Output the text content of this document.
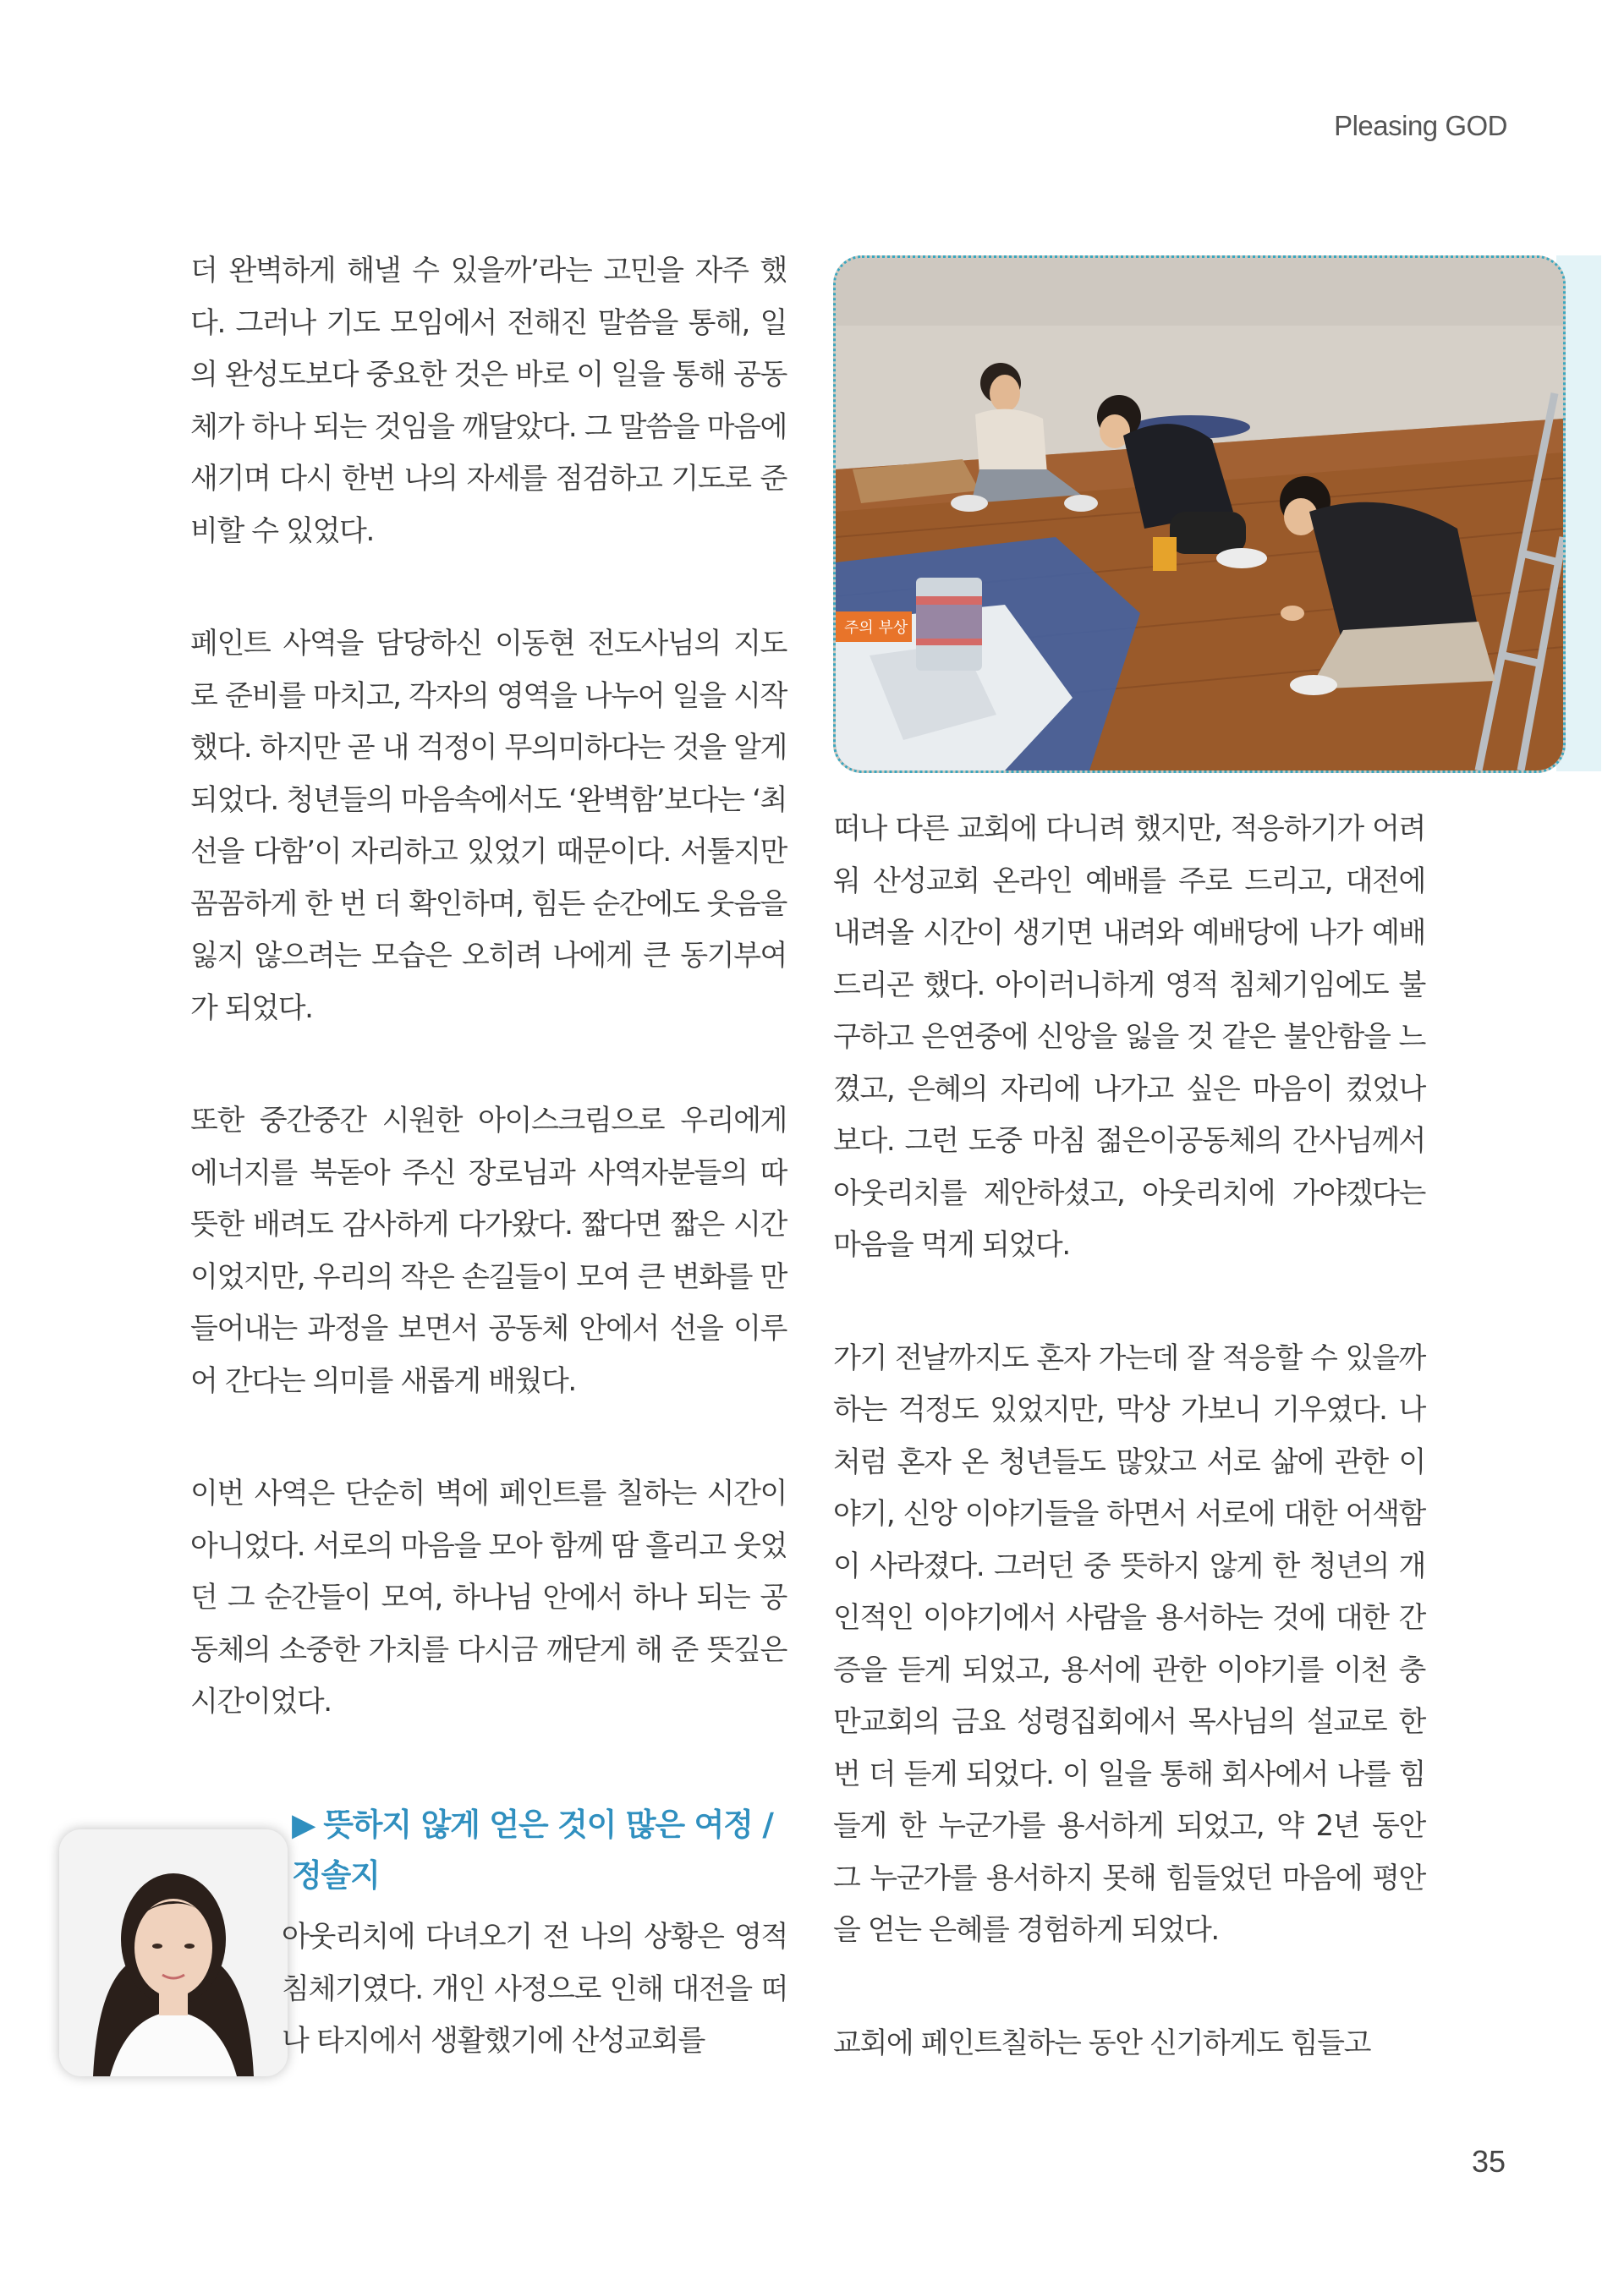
Pleasing GOD

더 완벽하게 해낼 수 있을까’라는 고민을 자주 했다. 그러나 기도 모임에서 전해진 말씀을 통해, 일의 완성도보다 중요한 것은 바로 이 일을 통해 공동체가 하나 되는 것임을 깨달았다. 그 말씀을 마음에 새기며 다시 한번 나의 자세를 점검하고 기도로 준비할 수 있었다.

페인트 사역을 담당하신 이동현 전도사님의 지도로 준비를 마치고, 각자의 영역을 나누어 일을 시작했다. 하지만 곧 내 걱정이 무의미하다는 것을 알게 되었다. 청년들의 마음속에서도 ‘완벽함’보다는 ‘최선을 다함’이 자리하고 있었기 때문이다. 서툴지만 꼼꼼하게 한 번 더 확인하며, 힘든 순간에도 웃음을 잃지 않으려는 모습은 오히려 나에게 큰 동기부여가 되었다.

또한 중간중간 시원한 아이스크림으로 우리에게 에너지를 북돋아 주신 장로님과 사역자분들의 따뜻한 배려도 감사하게 다가왔다. 짧다면 짧은 시간이었지만, 우리의 작은 손길들이 모여 큰 변화를 만들어내는 과정을 보면서 공동체 안에서 선을 이루어 간다는 의미를 새롭게 배웠다.

이번 사역은 단순히 벽에 페인트를 칠하는 시간이 아니었다. 서로의 마음을 모아 함께 땀 흘리고 웃었던 그 순간들이 모여, 하나님 안에서 하나 되는 공동체의 소중한 가치를 다시금 깨닫게 해 준 뜻깊은 시간이었다.

주의 부상

떠나 다른 교회에 다니려 했지만, 적응하기가 어려워 산성교회 온라인 예배를 주로 드리고, 대전에 내려올 시간이 생기면 내려와 예배당에 나가 예배드리곤 했다. 아이러니하게 영적 침체기임에도 불구하고 은연중에 신앙을 잃을 것 같은 불안함을 느꼈고, 은혜의 자리에 나가고 싶은 마음이 컸었나 보다. 그런 도중 마침 젊은이공동체의 간사님께서 아웃리치를 제안하셨고, 아웃리치에 가야겠다는 마음을 먹게 되었다.

가기 전날까지도 혼자 가는데 잘 적응할 수 있을까 하는 걱정도 있었지만, 막상 가보니 기우였다. 나처럼 혼자 온 청년들도 많았고 서로 삶에 관한 이야기, 신앙 이야기들을 하면서 서로에 대한 어색함이 사라졌다. 그러던 중 뜻하지 않게 한 청년의 개인적인 이야기에서 사람을 용서하는 것에 대한 간증을 듣게 되었고, 용서에 관한 이야기를 이천 충만교회의 금요 성령집회에서 목사님의 설교로 한 번 더 듣게 되었다. 이 일을 통해 회사에서 나를 힘들게 한 누군가를 용서하게 되었고, 약 2년 동안 그 누군가를 용서하지 못해 힘들었던 마음에 평안을 얻는 은혜를 경험하게 되었다.

교회에 페인트칠하는 동안 신기하게도 힘들고

▶ 뜻하지 않게 얻은 것이 많은 여정 /
정솔지
아웃리치에 다녀오기 전 나의 상황은 영적 침체기였다. 개인 사정으로 인해 대전을 떠나 타지에서 생활했기에 산성교회를
35
